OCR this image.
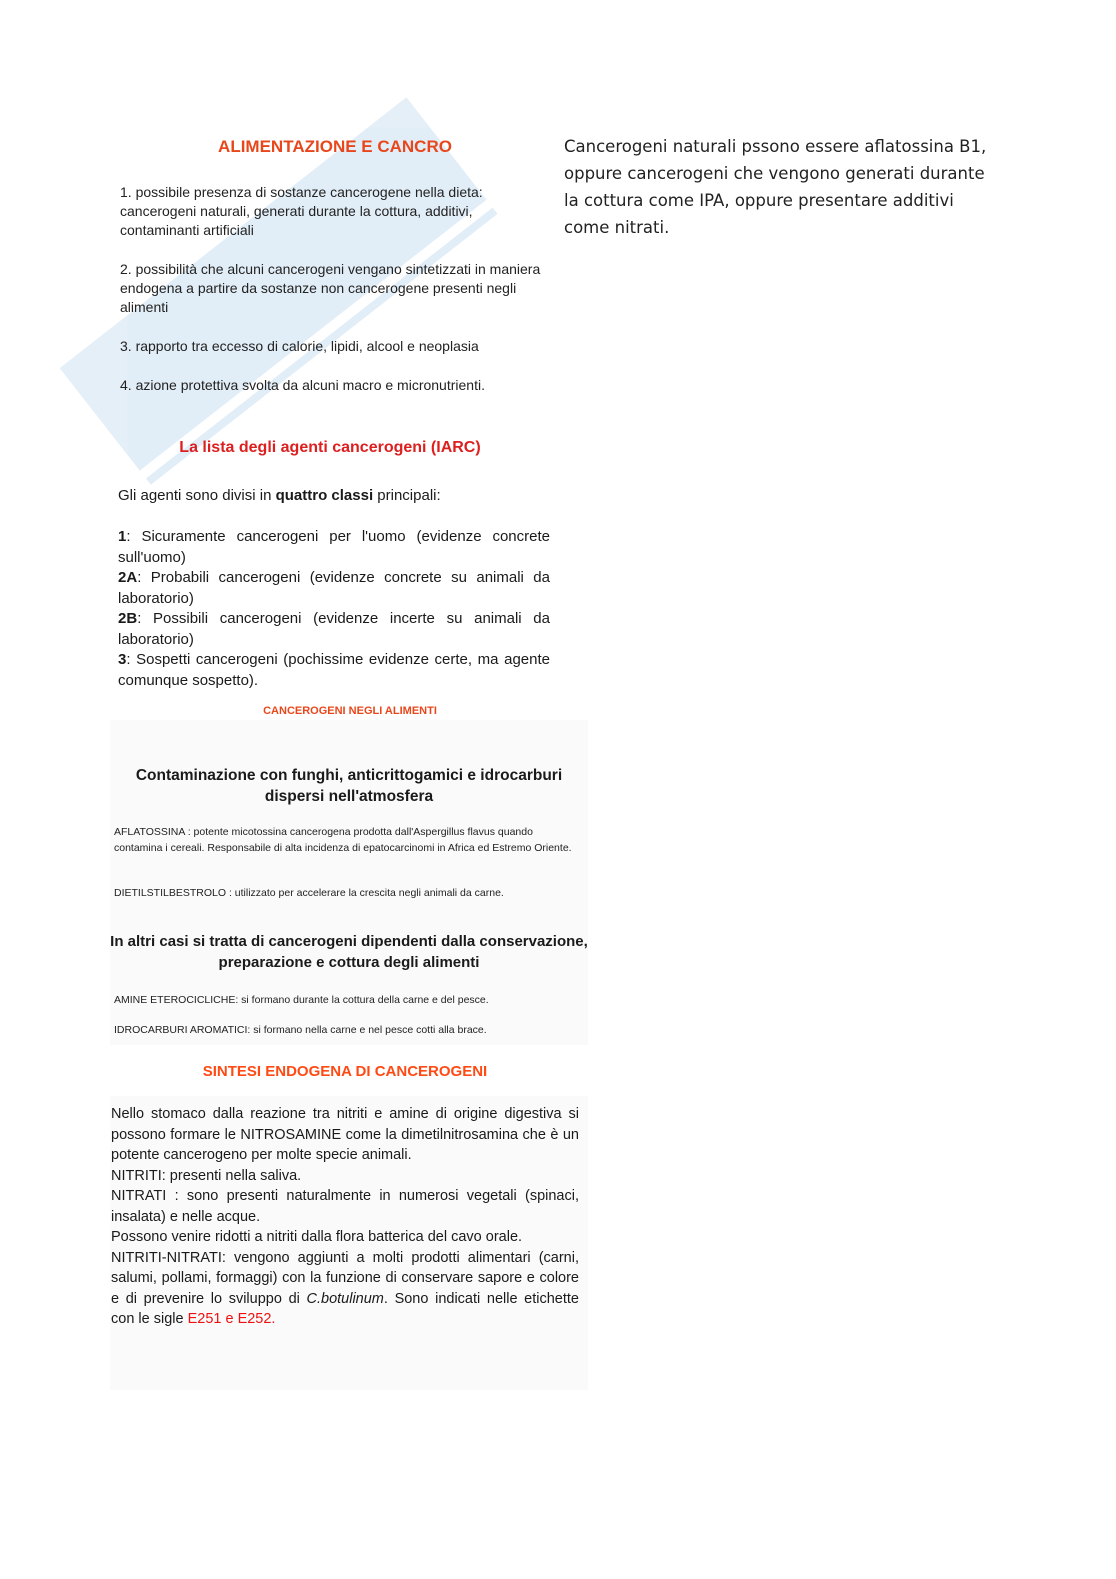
ALIMENTAZIONE E CANCRO
1. possibile presenza di sostanze cancerogene nella dieta: cancerogeni naturali, generati durante la cottura, additivi, contaminanti artificiali
2. possibilità che alcuni cancerogeni vengano sintetizzati in maniera endogena a partire da sostanze non cancerogene presenti negli alimenti
3. rapporto tra eccesso di calorie, lipidi, alcool e neoplasia
4. azione protettiva svolta da alcuni macro e micronutrienti.
La lista degli agenti cancerogeni (IARC)
Gli agenti sono divisi in quattro classi principali:
1: Sicuramente cancerogeni per l'uomo (evidenze concrete sull'uomo)
2A: Probabili cancerogeni (evidenze concrete su animali da laboratorio)
2B: Possibili cancerogeni (evidenze incerte su animali da laboratorio)
3: Sospetti cancerogeni (pochissime evidenze certe, ma agente comunque sospetto).
CANCEROGENI NEGLI ALIMENTI
Contaminazione con funghi, anticrittogamici e idrocarburi dispersi nell'atmosfera
AFLATOSSINA : potente micotossina cancerogena prodotta dall'Aspergillus flavus quando contamina i cereali. Responsabile di alta incidenza di epatocarcinomi in Africa ed Estremo Oriente.
DIETILSTILBESTROLO : utilizzato per accelerare la crescita negli animali da carne.
In altri casi si tratta di cancerogeni dipendenti dalla conservazione, preparazione e cottura degli alimenti
AMINE ETEROCICLICHE: si formano durante la cottura della carne e del pesce.
IDROCARBURI AROMATICI: si formano nella carne e nel pesce cotti alla brace.
SINTESI ENDOGENA DI CANCEROGENI
Nello stomaco dalla reazione tra nitriti e amine di origine digestiva si possono formare le NITROSAMINE come la dimetilnitrosamina che è un potente cancerogeno per molte specie animali.
NITRITI: presenti nella saliva.
NITRATI : sono presenti naturalmente in numerosi vegetali (spinaci, insalata) e nelle acque.
Possono venire ridotti a nitriti dalla flora batterica del cavo orale.
NITRITI-NITRATI: vengono aggiunti a molti prodotti alimentari (carni, salumi, pollami, formaggi) con la funzione di conservare sapore e colore e di prevenire lo sviluppo di C.botulinum. Sono indicati nelle etichette con le sigle E251 e E252.
Cancerogeni naturali pssono essere aflatossina B1, oppure cancerogeni che vengono generati durante la cottura come IPA, oppure presentare additivi come nitrati.
